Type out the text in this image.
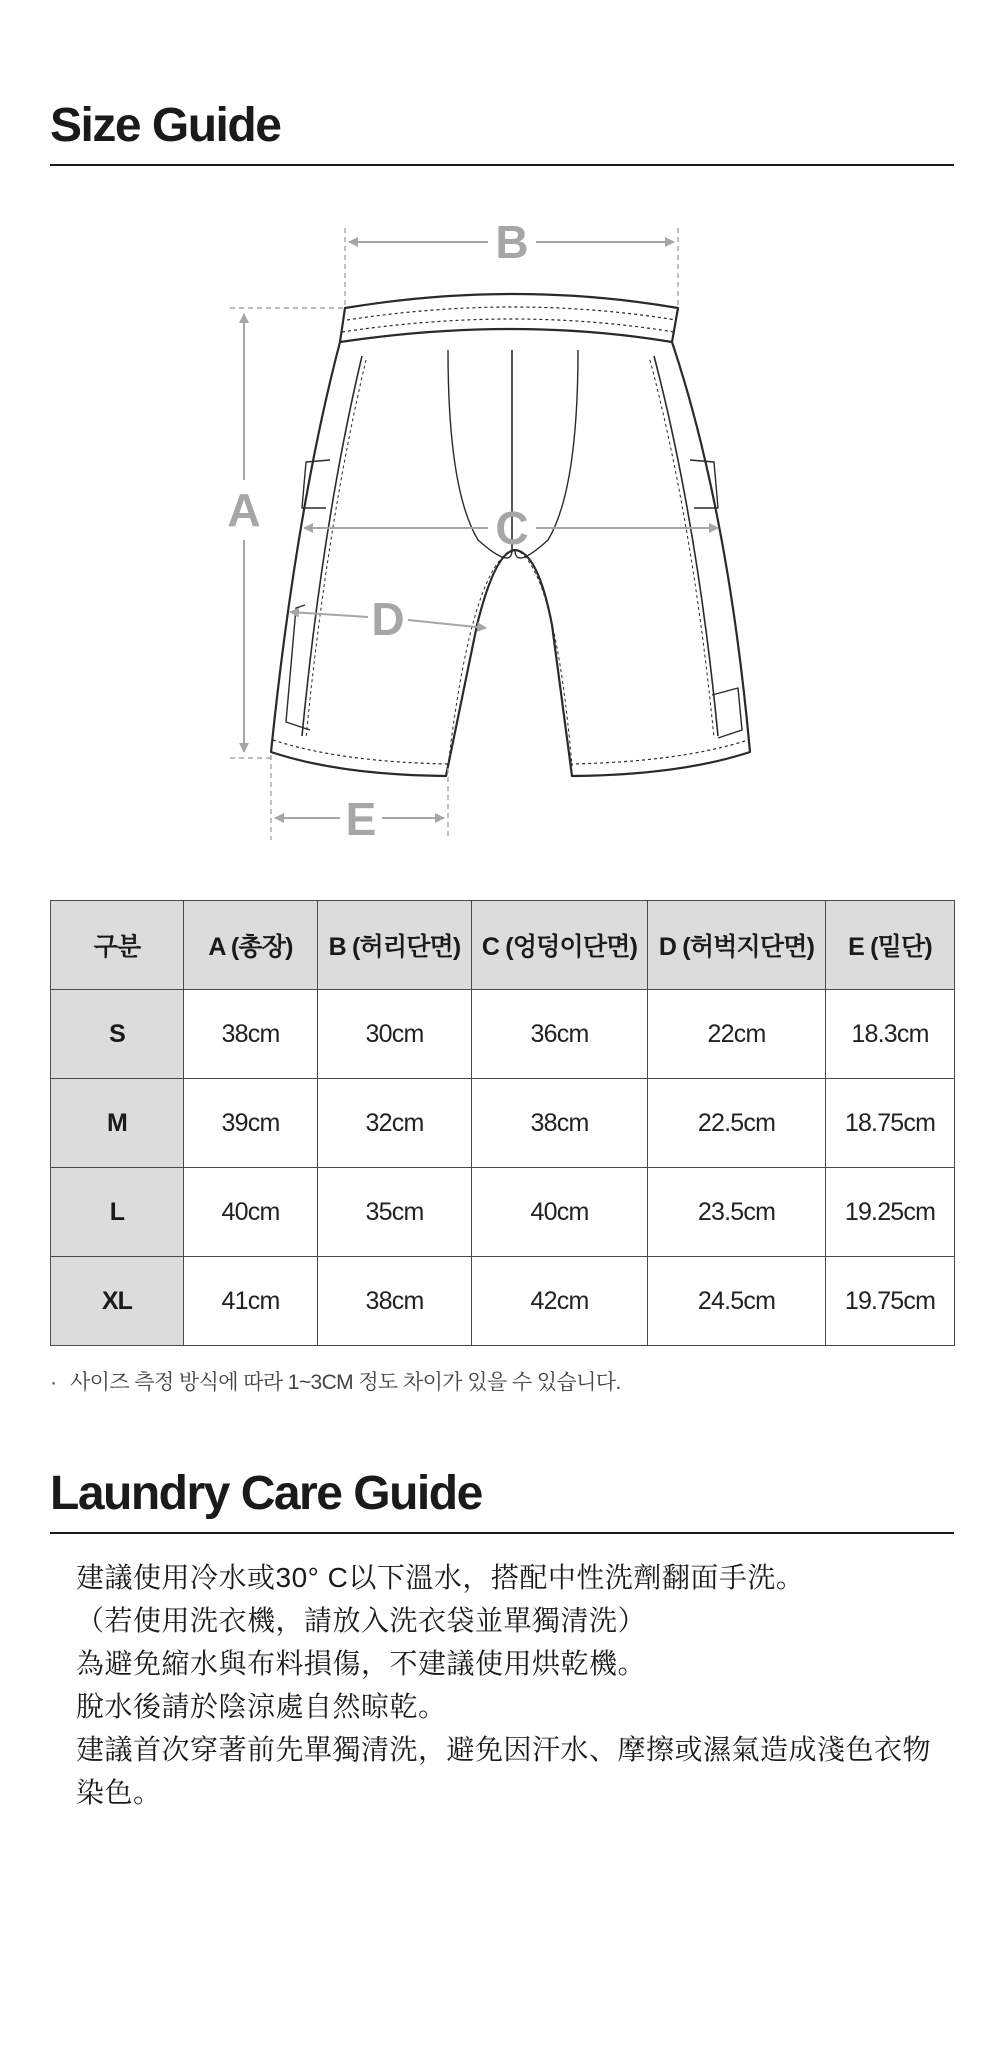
Size Guide
B
A	C
D
E
구분	A (총장)	B (허리단면)	C (엉덩이단면)	D (허벅지단면)	E (밑단)
S	38cm	30cm	36cm	22cm	18.3cm
M	39cm	32cm	38cm	22.5cm	18.75cm
L	40cm	35cm	40cm	23.5cm	19.25cm
XL	41cm	38cm	42cm	24.5cm	19.75cm
· 사이즈 측정 방식에 따라 1~3CM 정도 차이가 있을 수 있습니다.
Laundry Care Guide
建議使用冷水或30° C以下溫水，搭配中性洗劑翻面手洗。
（若使用洗衣機，請放入洗衣袋並單獨清洗）
為避免縮水與布料損傷，不建議使用烘乾機。
脫水後請於陰涼處自然晾乾。
建議首次穿著前先單獨清洗，避免因汗水、摩擦或濕氣造成淺色衣物
染色。
